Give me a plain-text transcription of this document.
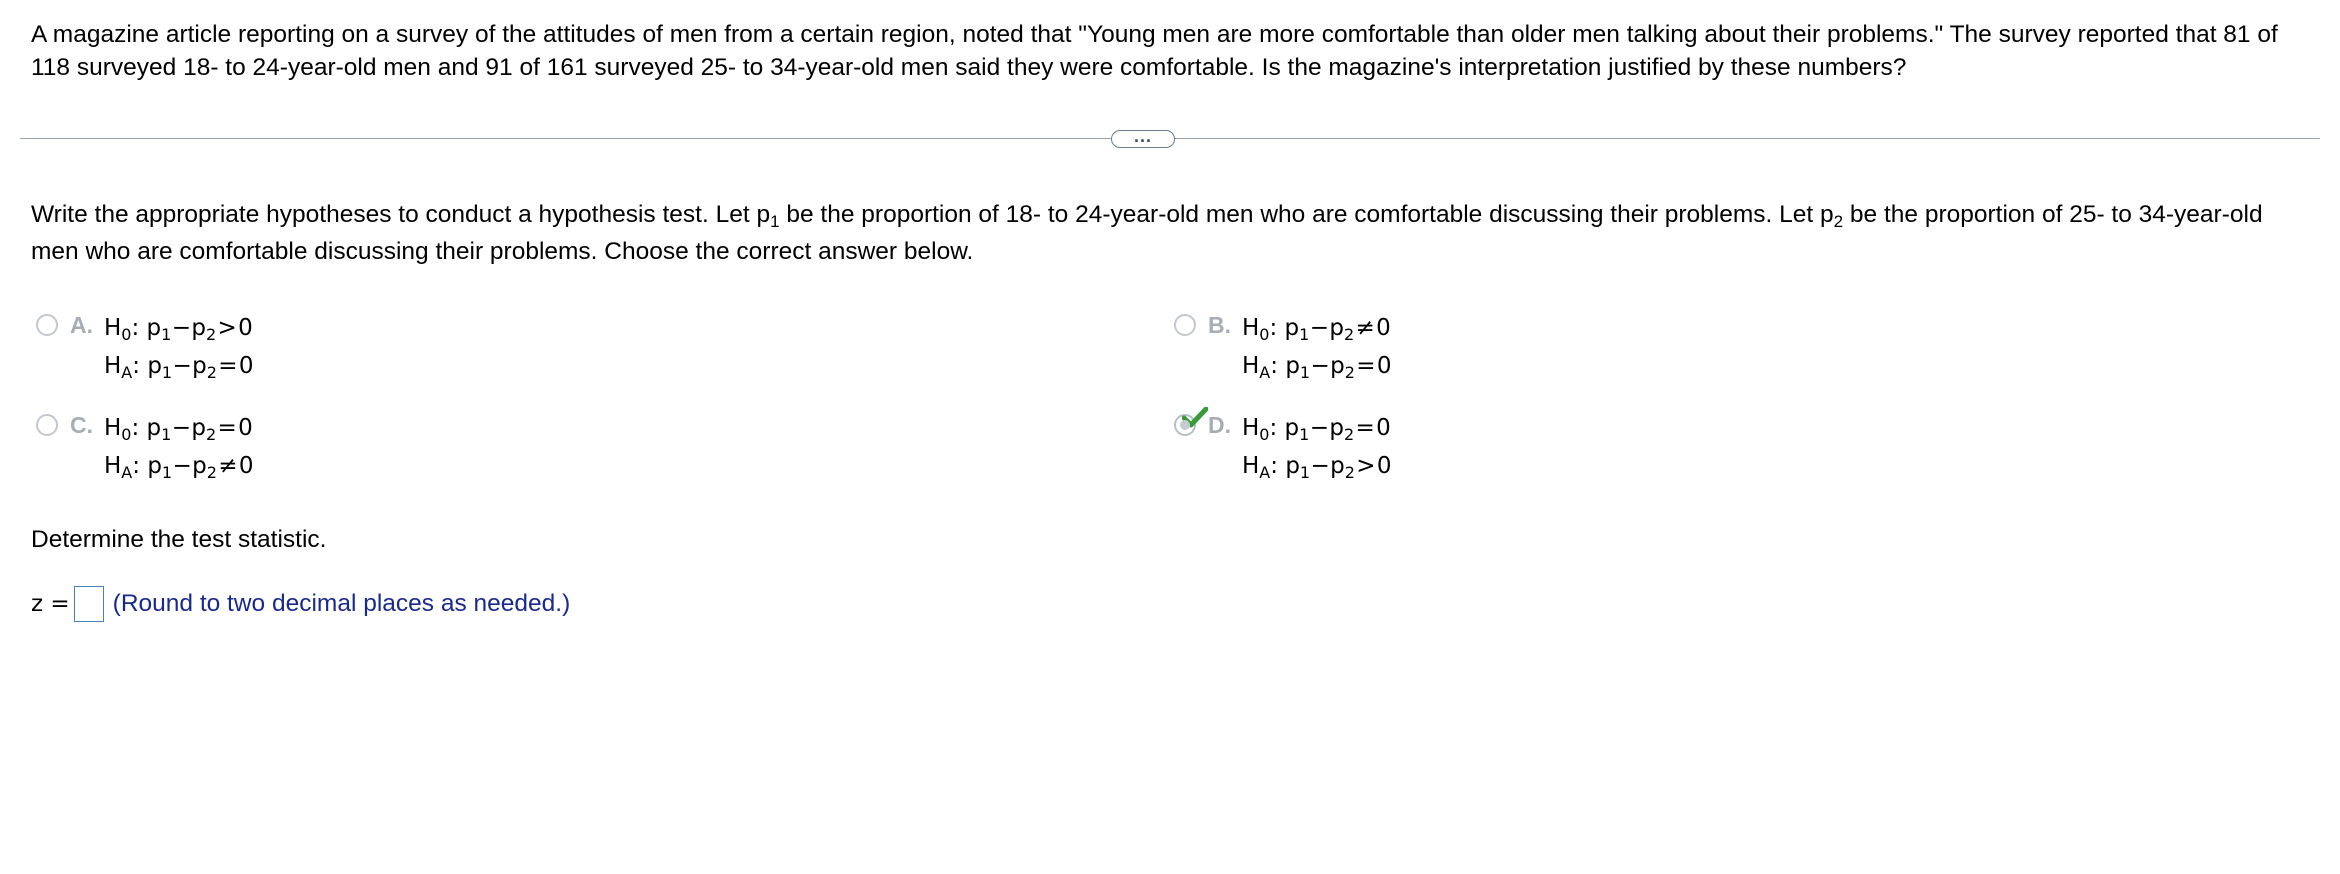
A magazine article reporting on a survey of the attitudes of men from a certain region, noted that "Young men are more comfortable than older men talking about their problems." The survey reported that 81 of 118 surveyed 18- to 24-year-old men and 91 of 161 surveyed 25- to 34-year-old men said they were comfortable. Is the magazine's interpretation justified by these numbers?
...
Write the appropriate hypotheses to conduct a hypothesis test. Let $p_1$ be the proportion of 18- to 24-year-old men who are comfortable discussing their problems. Let $p_2$ be the proportion of 25- to 34-year-old men who are comfortable discussing their problems. Choose the correct answer below.
A. $H_0$: $p_1-p_2>0$
$H_A$: $p_1-p_2=0$
B. $H_0$: $p_1-p_2\ne 0$
$H_A$: $p_1-p_2=0$
C. $H_0$: $p_1-p_2=0$
$H_A$: $p_1-p_2\ne 0$
D. $H_0$: $p_1-p_2=0$
$H_A$: $p_1-p_2>0$
Determine the test statistic.
z = (Round to two decimal places as needed.)
